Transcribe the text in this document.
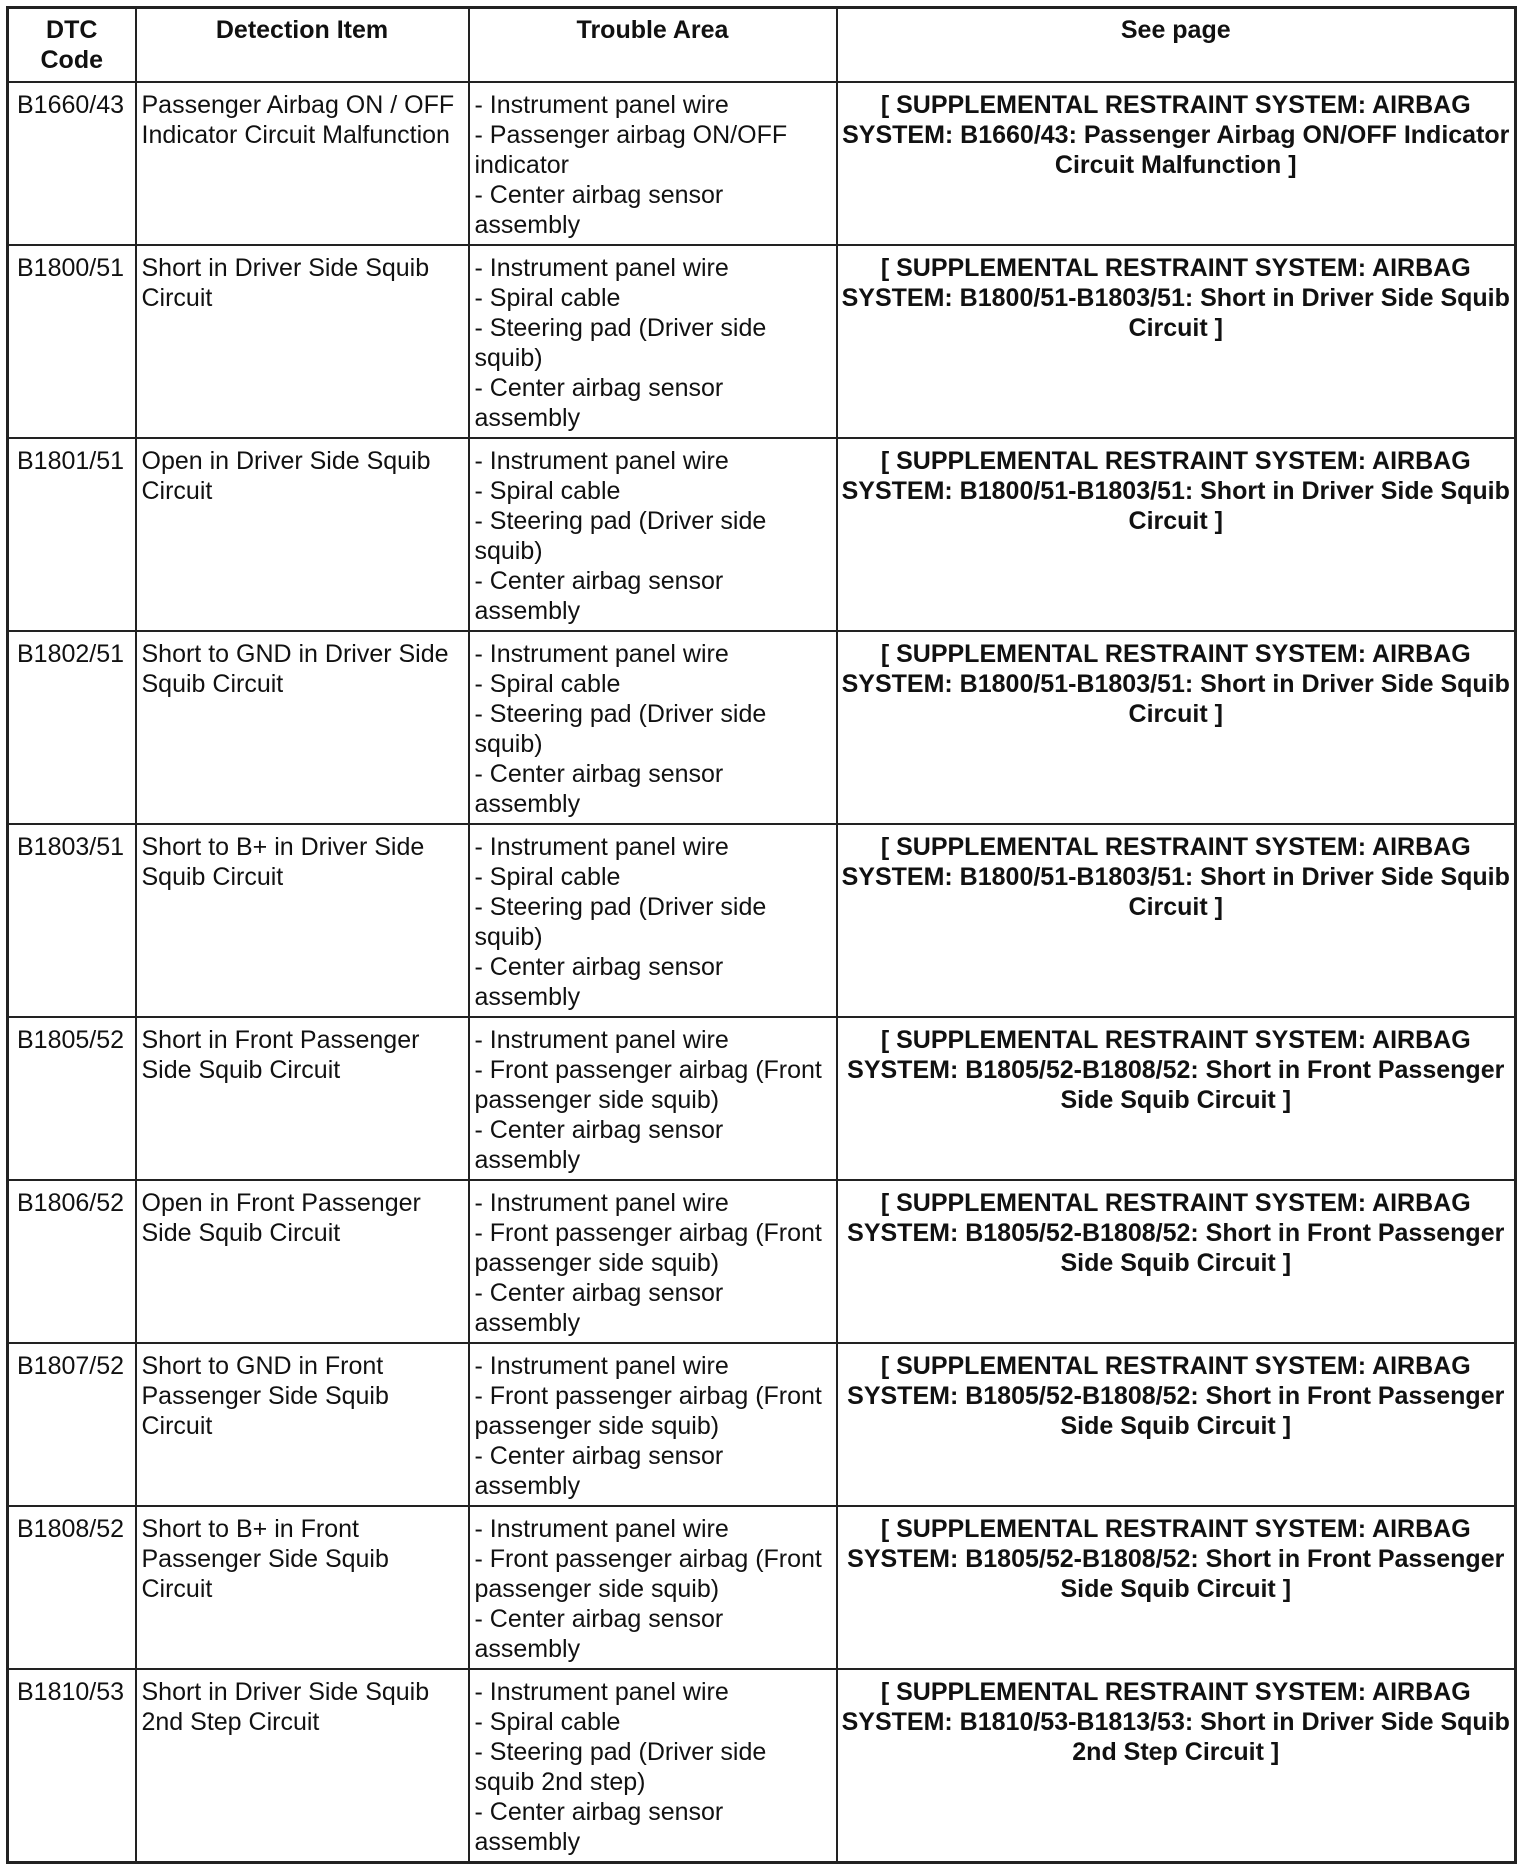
DTC Code	Detection Item	Trouble Area	See page
B1660/43	Passenger Airbag ON / OFF Indicator Circuit Malfunction	- Instrument panel wire
- Passenger airbag ON/OFF indicator
- Center airbag sensor assembly	[ SUPPLEMENTAL RESTRAINT SYSTEM: AIRBAG SYSTEM: B1660/43: Passenger Airbag ON/OFF Indicator Circuit Malfunction ]
B1800/51	Short in Driver Side Squib Circuit	- Instrument panel wire
- Spiral cable
- Steering pad (Driver side squib)
- Center airbag sensor assembly	[ SUPPLEMENTAL RESTRAINT SYSTEM: AIRBAG SYSTEM: B1800/51-B1803/51: Short in Driver Side Squib Circuit ]
B1801/51	Open in Driver Side Squib Circuit	- Instrument panel wire
- Spiral cable
- Steering pad (Driver side squib)
- Center airbag sensor assembly	[ SUPPLEMENTAL RESTRAINT SYSTEM: AIRBAG SYSTEM: B1800/51-B1803/51: Short in Driver Side Squib Circuit ]
B1802/51	Short to GND in Driver Side Squib Circuit	- Instrument panel wire
- Spiral cable
- Steering pad (Driver side squib)
- Center airbag sensor assembly	[ SUPPLEMENTAL RESTRAINT SYSTEM: AIRBAG SYSTEM: B1800/51-B1803/51: Short in Driver Side Squib Circuit ]
B1803/51	Short to B+ in Driver Side Squib Circuit	- Instrument panel wire
- Spiral cable
- Steering pad (Driver side squib)
- Center airbag sensor assembly	[ SUPPLEMENTAL RESTRAINT SYSTEM: AIRBAG SYSTEM: B1800/51-B1803/51: Short in Driver Side Squib Circuit ]
B1805/52	Short in Front Passenger Side Squib Circuit	- Instrument panel wire
- Front passenger airbag (Front passenger side squib)
- Center airbag sensor assembly	[ SUPPLEMENTAL RESTRAINT SYSTEM: AIRBAG SYSTEM: B1805/52-B1808/52: Short in Front Passenger Side Squib Circuit ]
B1806/52	Open in Front Passenger Side Squib Circuit	- Instrument panel wire
- Front passenger airbag (Front passenger side squib)
- Center airbag sensor assembly	[ SUPPLEMENTAL RESTRAINT SYSTEM: AIRBAG SYSTEM: B1805/52-B1808/52: Short in Front Passenger Side Squib Circuit ]
B1807/52	Short to GND in Front Passenger Side Squib Circuit	- Instrument panel wire
- Front passenger airbag (Front passenger side squib)
- Center airbag sensor assembly	[ SUPPLEMENTAL RESTRAINT SYSTEM: AIRBAG SYSTEM: B1805/52-B1808/52: Short in Front Passenger Side Squib Circuit ]
B1808/52	Short to B+ in Front Passenger Side Squib Circuit	- Instrument panel wire
- Front passenger airbag (Front passenger side squib)
- Center airbag sensor assembly	[ SUPPLEMENTAL RESTRAINT SYSTEM: AIRBAG SYSTEM: B1805/52-B1808/52: Short in Front Passenger Side Squib Circuit ]
B1810/53	Short in Driver Side Squib 2nd Step Circuit	- Instrument panel wire
- Spiral cable
- Steering pad (Driver side squib 2nd step)
- Center airbag sensor assembly	[ SUPPLEMENTAL RESTRAINT SYSTEM: AIRBAG SYSTEM: B1810/53-B1813/53: Short in Driver Side Squib 2nd Step Circuit ]
